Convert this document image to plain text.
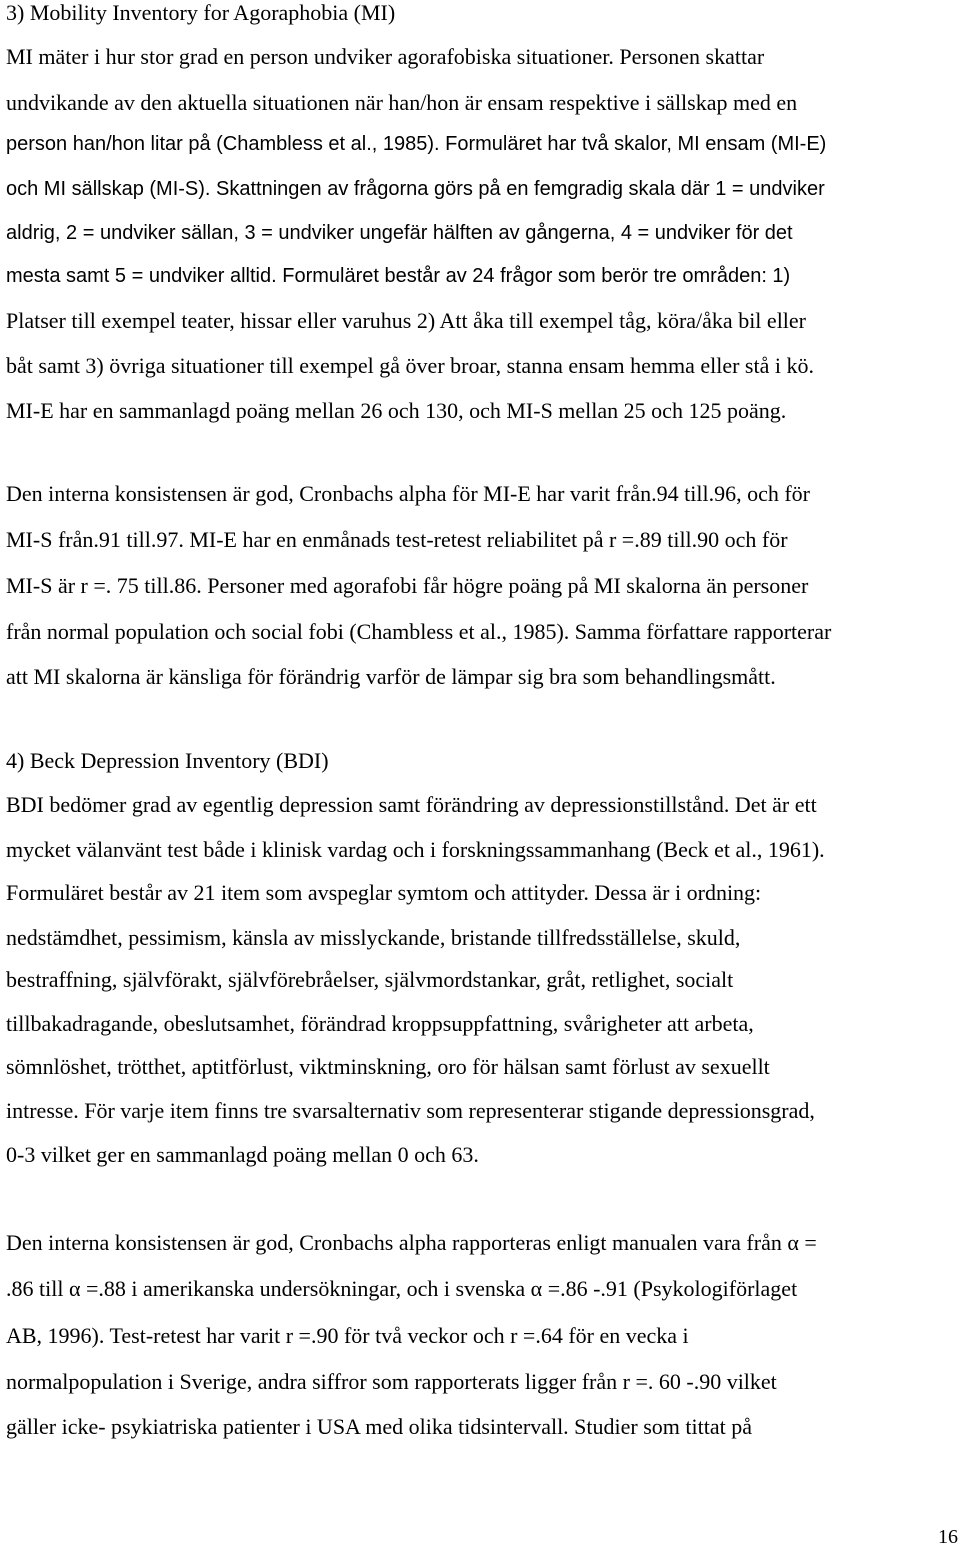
3) Mobility Inventory for Agoraphobia (MI)
MI mäter i hur stor grad en person undviker agorafobiska situationer. Personen skattar
undvikande av den aktuella situationen när han/hon är ensam respektive i sällskap med en
person han/hon litar på (Chambless et al., 1985). Formuläret har två skalor, MI ensam (MI-E)
och MI sällskap (MI-S). Skattningen av frågorna görs på en femgradig skala där 1 = undviker
aldrig, 2 = undviker sällan, 3 = undviker ungefär hälften av gångerna, 4 = undviker för det
mesta samt 5 = undviker alltid. Formuläret består av 24 frågor som berör tre områden: 1)
Platser till exempel teater, hissar eller varuhus 2) Att åka till exempel tåg, köra/åka bil eller
båt samt 3) övriga situationer till exempel gå över broar, stanna ensam hemma eller stå i kö.
MI-E har en sammanlagd poäng mellan 26 och 130, och MI-S mellan 25 och 125 poäng.
Den interna konsistensen är god, Cronbachs alpha för MI-E har varit från.94 till.96, och för
MI-S från.91 till.97. MI-E har en enmånads test-retest reliabilitet på r =.89 till.90 och för
MI-S är r =. 75 till.86. Personer med agorafobi får högre poäng på MI skalorna än personer
från normal population och social fobi (Chambless et al., 1985). Samma författare rapporterar
att MI skalorna är känsliga för förändrig varför de lämpar sig bra som behandlingsmått.
4) Beck Depression Inventory (BDI)
BDI bedömer grad av egentlig depression samt förändring av depressionstillstånd. Det är ett
mycket välanvänt test både i klinisk vardag och i forskningssammanhang (Beck et al., 1961).
Formuläret består av 21 item som avspeglar symtom och attityder. Dessa är i ordning:
nedstämdhet, pessimism, känsla av misslyckande, bristande tillfredsställelse, skuld,
bestraffning, självförakt, självförebråelser, självmordstankar, gråt, retlighet, socialt
tillbakadragande, obeslutsamhet, förändrad kroppsuppfattning, svårigheter att arbeta,
sömnlöshet, trötthet, aptitförlust, viktminskning, oro för hälsan samt förlust av sexuellt
intresse. För varje item finns tre svarsalternativ som representerar stigande depressionsgrad,
0-3 vilket ger en sammanlagd poäng mellan 0 och 63.
Den interna konsistensen är god, Cronbachs alpha rapporteras enligt manualen vara från α =
.86 till α =.88 i amerikanska undersökningar, och i svenska α =.86 -.91 (Psykologiförlaget
AB, 1996). Test-retest har varit r =.90 för två veckor och r =.64 för en vecka i
normalpopulation i Sverige, andra siffror som rapporterats ligger från r =. 60 -.90 vilket
gäller icke- psykiatriska patienter i USA med olika tidsintervall. Studier som tittat på
16
